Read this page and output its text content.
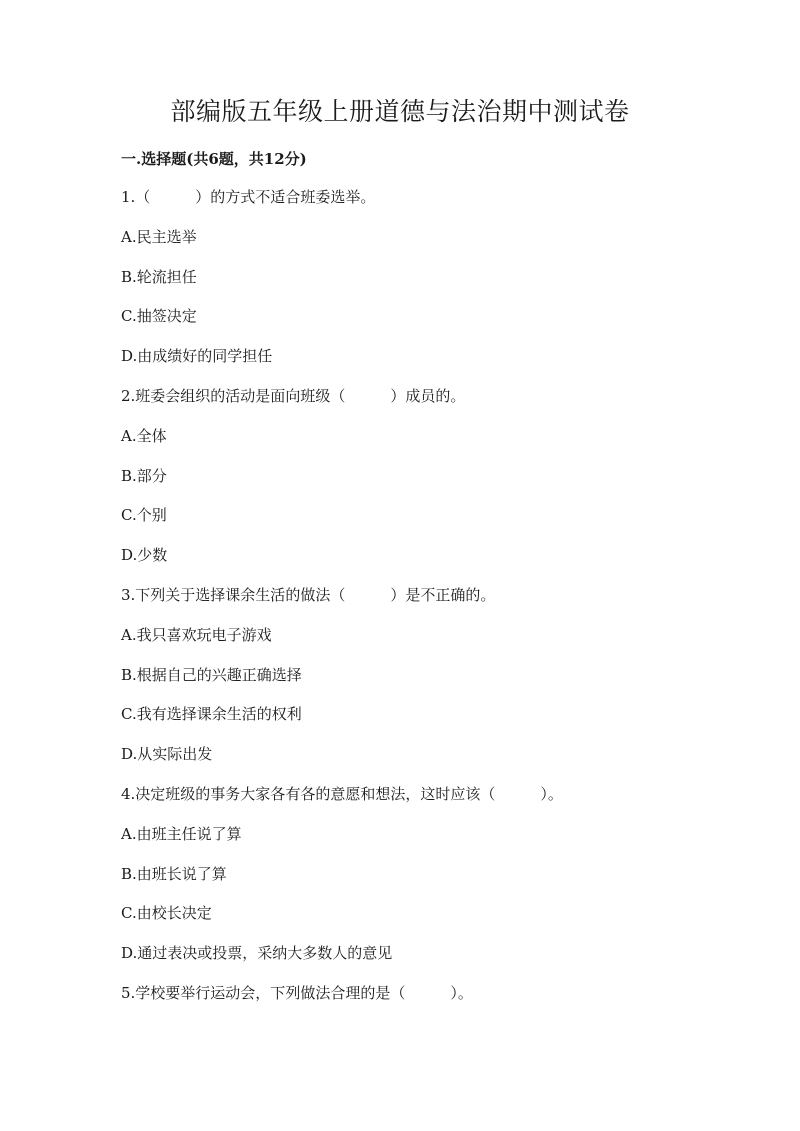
部编版五年级上册道德与法治期中测试卷
一.选择题(共6题，共12分)
1.（　　　）的方式不适合班委选举。
A.民主选举
B.轮流担任
C.抽签决定
D.由成绩好的同学担任
2.班委会组织的活动是面向班级（　　　）成员的。
A.全体
B.部分
C.个别
D.少数
3.下列关于选择课余生活的做法（　　　）是不正确的。
A.我只喜欢玩电子游戏
B.根据自己的兴趣正确选择
C.我有选择课余生活的权利
D.从实际出发
4.决定班级的事务大家各有各的意愿和想法，这时应该（　　　）。
A.由班主任说了算
B.由班长说了算
C.由校长决定
D.通过表决或投票，采纳大多数人的意见
5.学校要举行运动会，下列做法合理的是（　　　）。
